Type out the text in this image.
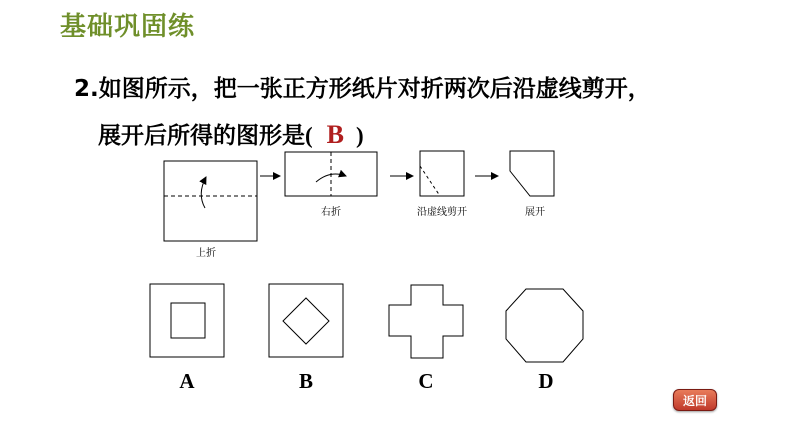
基础巩固练
2.如图所示，把一张正方形纸片对折两次后沿虚线剪开，
展开后所得的图形是( B )
上折
右折	沿虚线剪开	展开
A	B	C	D
返回
